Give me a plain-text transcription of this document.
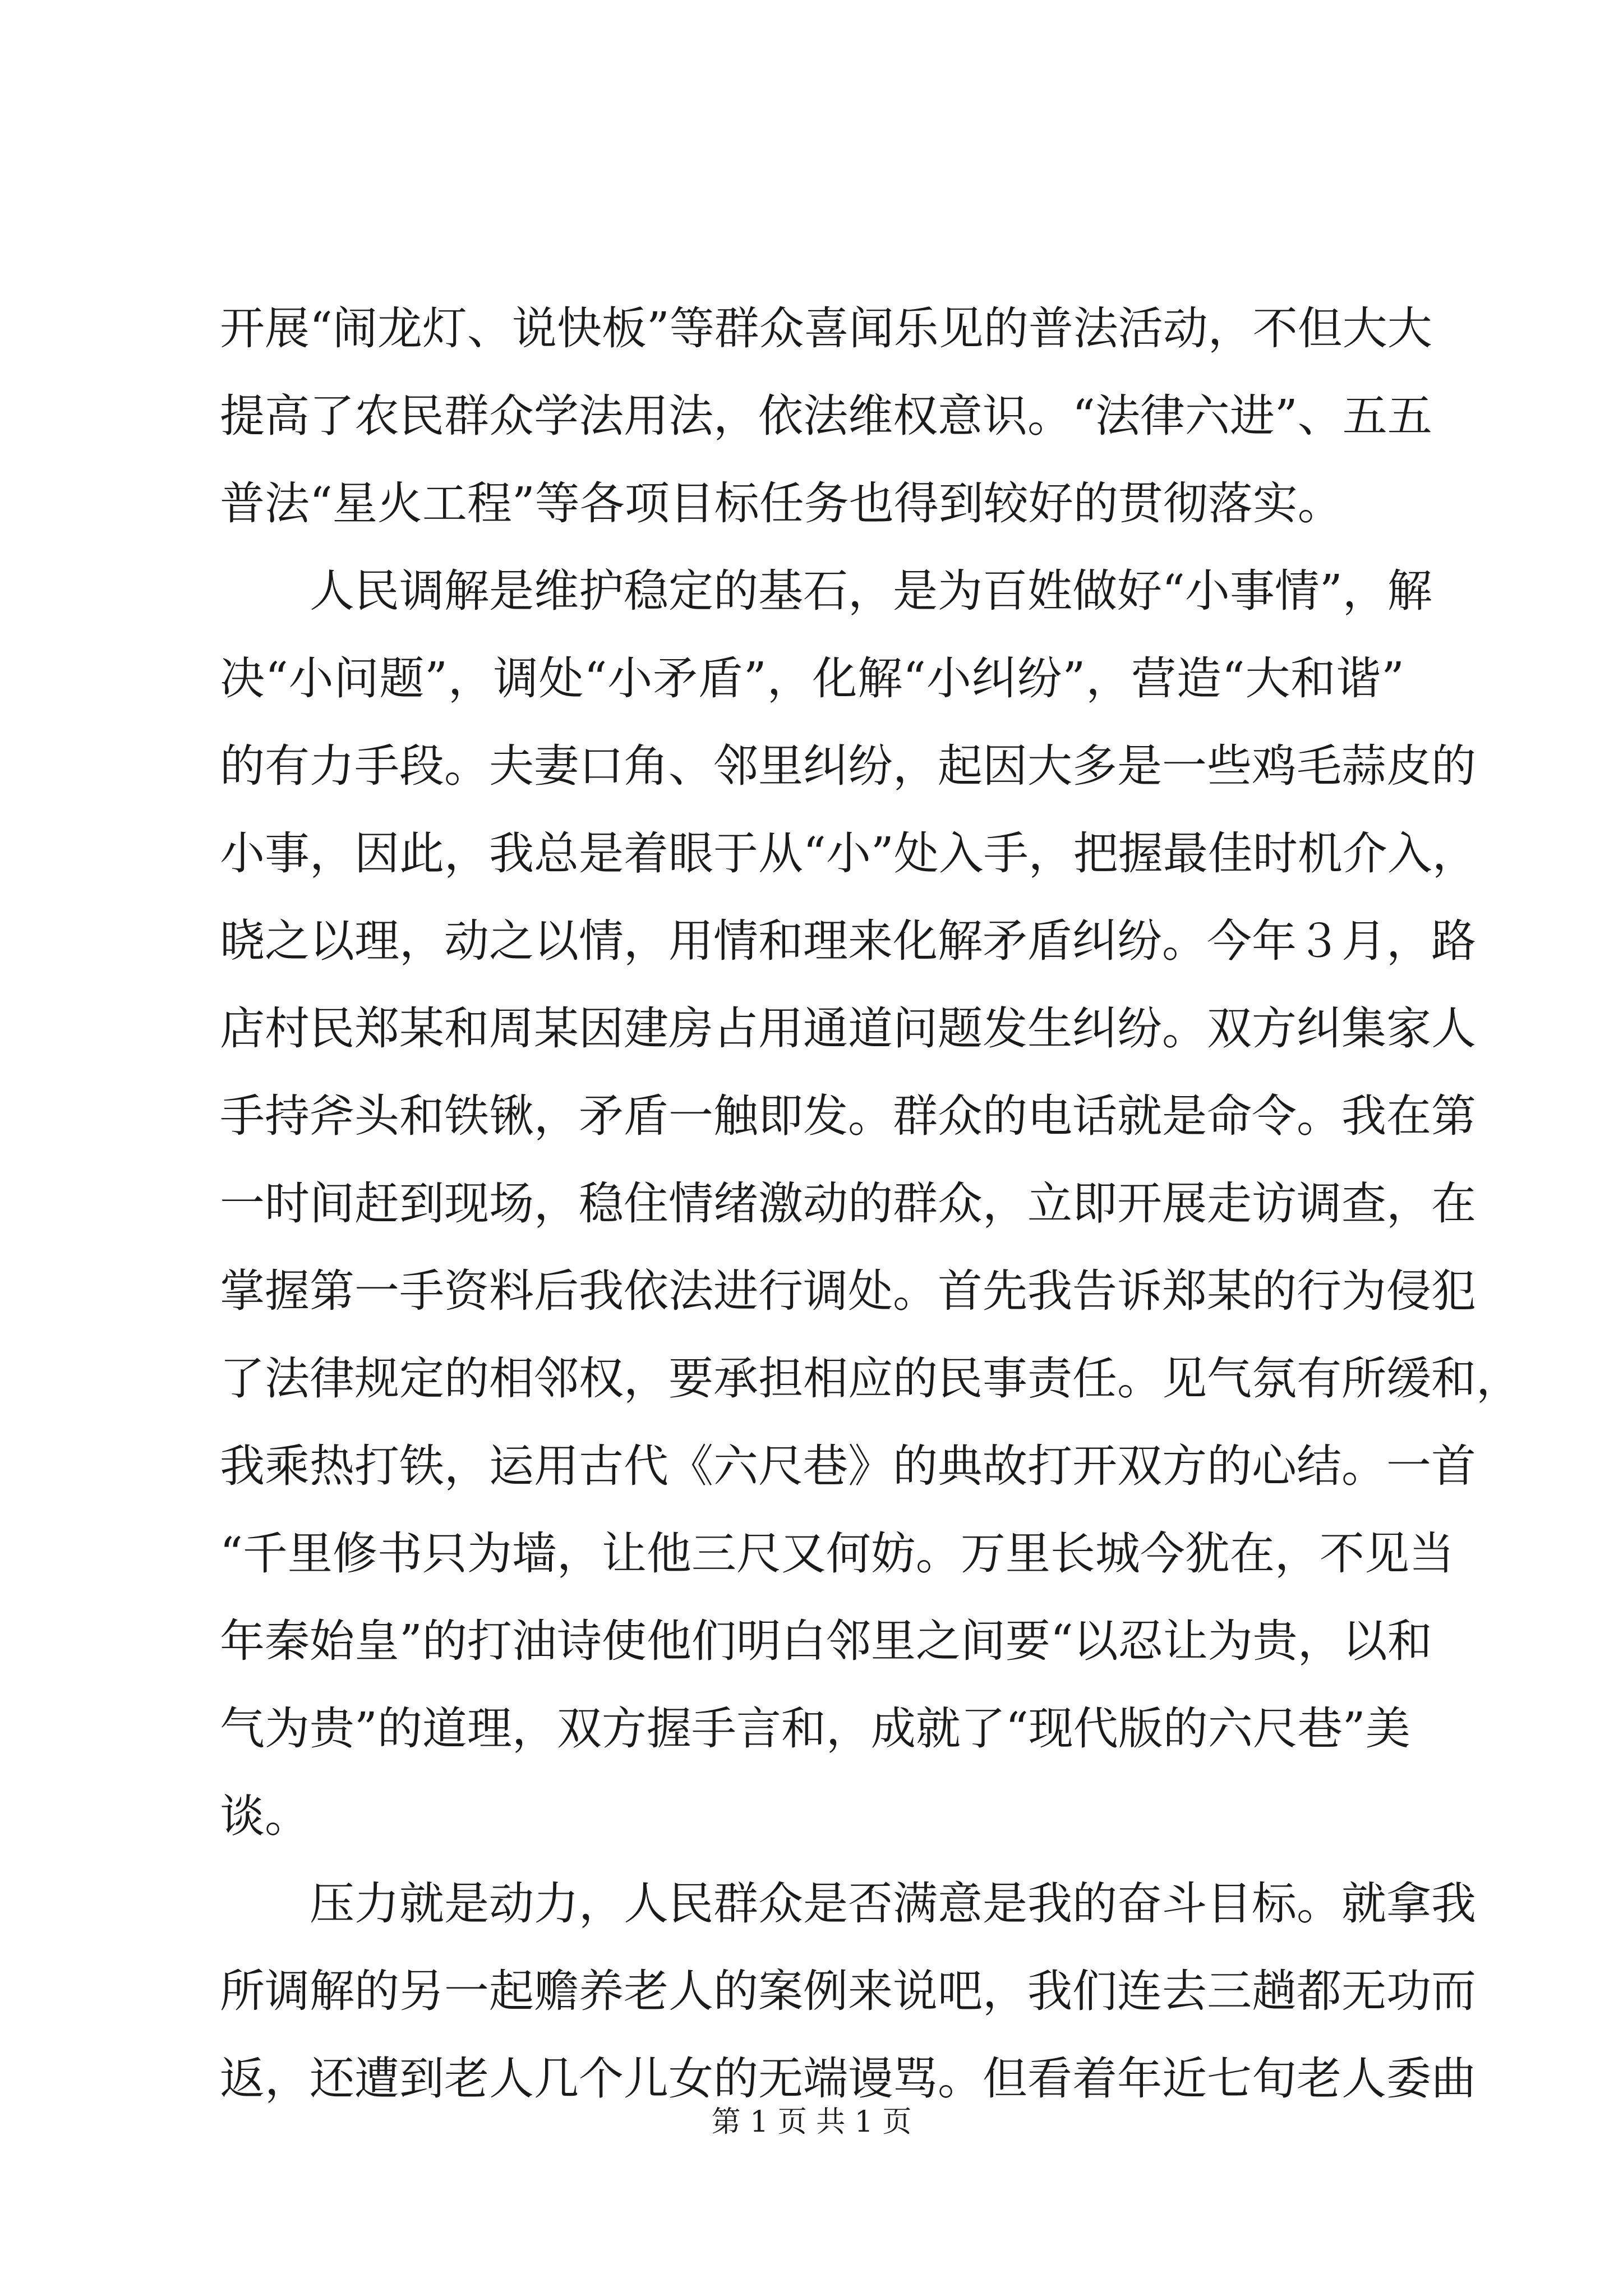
开展“闹龙灯、说快板”等群众喜闻乐见的普法活动，不但大大
提高了农民群众学法用法，依法维权意识。“法律六进”、五五
普法“星火工程”等各项目标任务也得到较好的贯彻落实。
人民调解是维护稳定的基石，是为百姓做好“小事情”，解
决“小问题”，调处“小矛盾”，化解“小纠纷”，营造“大和谐”
的有力手段。夫妻口角、邻里纠纷，起因大多是一些鸡毛蒜皮的
小事，因此，我总是着眼于从“小”处入手，把握最佳时机介入，
晓之以理，动之以情，用情和理来化解矛盾纠纷。今年３月，路
店村民郑某和周某因建房占用通道问题发生纠纷。双方纠集家人
手持斧头和铁锹，矛盾一触即发。群众的电话就是命令。我在第
一时间赶到现场，稳住情绪激动的群众，立即开展走访调查，在
掌握第一手资料后我依法进行调处。首先我告诉郑某的行为侵犯
了法律规定的相邻权，要承担相应的民事责任。见气氛有所缓和，
我乘热打铁，运用古代《六尺巷》的典故打开双方的心结。一首
“千里修书只为墙，让他三尺又何妨。万里长城今犹在，不见当
年秦始皇”的打油诗使他们明白邻里之间要“以忍让为贵，以和
气为贵”的道理，双方握手言和，成就了“现代版的六尺巷”美
谈。
压力就是动力，人民群众是否满意是我的奋斗目标。就拿我
所调解的另一起赡养老人的案例来说吧，我们连去三趟都无功而
返，还遭到老人几个儿女的无端谩骂。但看着年近七旬老人委曲
第 1 页 共 1 页
